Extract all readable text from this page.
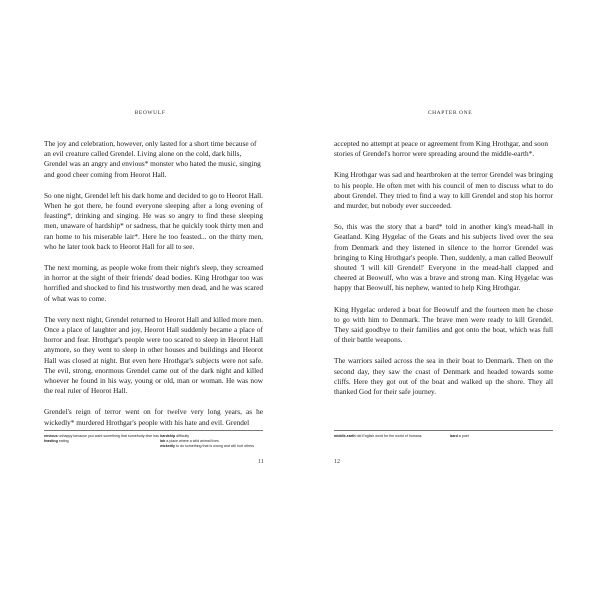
BEOWULF

The joy and celebration, however, only lasted for a short time because of an evil creature called Grendel. Living alone on the cold, dark hills, Grendel was an angry and envious* monster who hated the music, singing and good cheer coming from Heorot Hall.

So one night, Grendel left his dark home and decided to go to Heorot Hall. When he got there, he found everyone sleeping after a long evening of feasting*, drinking and singing. He was so angry to find these sleeping men, unaware of hardship* or sadness, that he quickly took thirty men and ran home to his miserable lair*. Here he too feasted... on the thirty men, who he later took back to Heorot Hall for all to see.

The next morning, as people woke from their night's sleep, they screamed in horror at the sight of their friends' dead bodies. King Hrothgar too was horrified and shocked to find his trustworthy men dead, and he was scared of what was to come.

The very next night, Grendel returned to Heorot Hall and killed more men. Once a place of laughter and joy, Heorot Hall suddenly became a place of horror and fear. Hrothgar's people were too scared to sleep in Heorot Hall anymore, so they went to sleep in other houses and buildings and Heorot Hall was closed at night. But even here Hrothgar's subjects were not safe. The evil, strong, enormous Grendel came out of the dark night and killed whoever he found in his way, young or old, man or woman. He was now the real ruler of Heorot Hall.

Grendel's reign of terror went on for twelve very long years, as he wickedly* murdered Hrothgar's people with his hate and evil. Grendel

envious unhappy because you want something that somebody else has
feasting eating
hardship difficulty
lair a place where a wild animal lives
wickedly to do something that is wrong and will hurt others
11
CHAPTER ONE

accepted no attempt at peace or agreement from King Hrothgar, and soon stories of Grendel's horror were spreading around the middle-earth*.

King Hrothgar was sad and heartbroken at the terror Grendel was bringing to his people. He often met with his council of men to discuss what to do about Grendel. They tried to find a way to kill Grendel and stop his horror and murder, but nobody ever succeeded.

So, this was the story that a bard* told in another king's mead-hall in Geatland. King Hygelac of the Geats and his subjects lived over the sea from Denmark and they listened in silence to the horror Grendel was bringing to King Hrothgar's people. Then, suddenly, a man called Beowulf shouted 'I will kill Grendel!' Everyone in the mead-hall clapped and cheered at Beowulf, who was a brave and strong man. King Hygelac was happy that Beowulf, his nephew, wanted to help King Hrothgar.

King Hygelac ordered a boat for Beowulf and the fourteen men he chose to go with him to Denmark. The brave men were ready to kill Grendel. They said goodbye to their families and got onto the boat, which was full of their battle weapons.

The warriors sailed across the sea in their boat to Denmark. Then on the second day, they saw the coast of Denmark and headed towards some cliffs. Here they got out of the boat and walked up the shore. They all thanked God for their safe journey.

middle-earth old English word for the world of humans	bard a poet
12
